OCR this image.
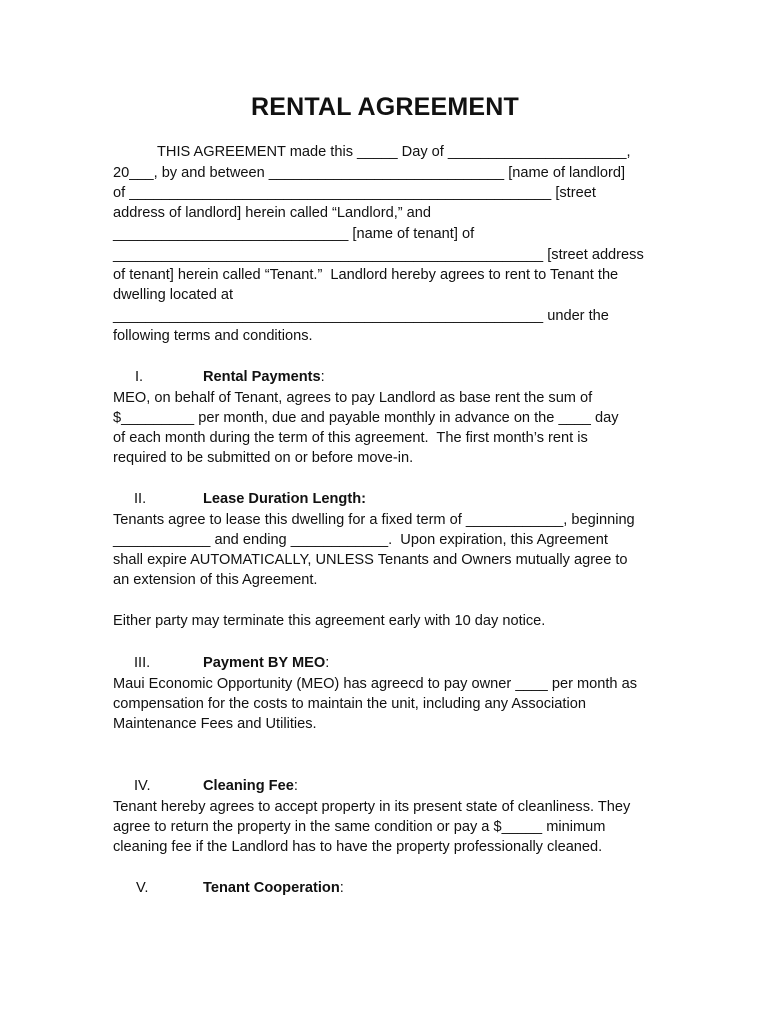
RENTAL AGREEMENT
THIS AGREEMENT made this _____ Day of ______________________,
20___, by and between _____________________________ [name of landlord]
of ____________________________________________________ [street
address of landlord] herein called “Landlord,” and
_____________________________ [name of tenant] of
_____________________________________________________ [street address
of tenant] herein called “Tenant.”  Landlord hereby agrees to rent to Tenant the
dwelling located at
_____________________________________________________ under the
following terms and conditions.
I.	Rental Payments:
MEO, on behalf of Tenant, agrees to pay Landlord as base rent the sum of
$_________ per month, due and payable monthly in advance on the ____ day
of each month during the term of this agreement.  The first month’s rent is
required to be submitted on or before move-in.
II.	Lease Duration Length:
Tenants agree to lease this dwelling for a fixed term of ____________, beginning
____________ and ending ____________.  Upon expiration, this Agreement
shall expire AUTOMATICALLY, UNLESS Tenants and Owners mutually agree to
an extension of this Agreement.
Either party may terminate this agreement early with 10 day notice.
III.	Payment BY MEO:
Maui Economic Opportunity (MEO) has agreecd to pay owner ____ per month as
compensation for the costs to maintain the unit, including any Association
Maintenance Fees and Utilities.
IV.	Cleaning Fee:
Tenant hereby agrees to accept property in its present state of cleanliness. They
agree to return the property in the same condition or pay a $_____ minimum
cleaning fee if the Landlord has to have the property professionally cleaned.
V.	Tenant Cooperation:
